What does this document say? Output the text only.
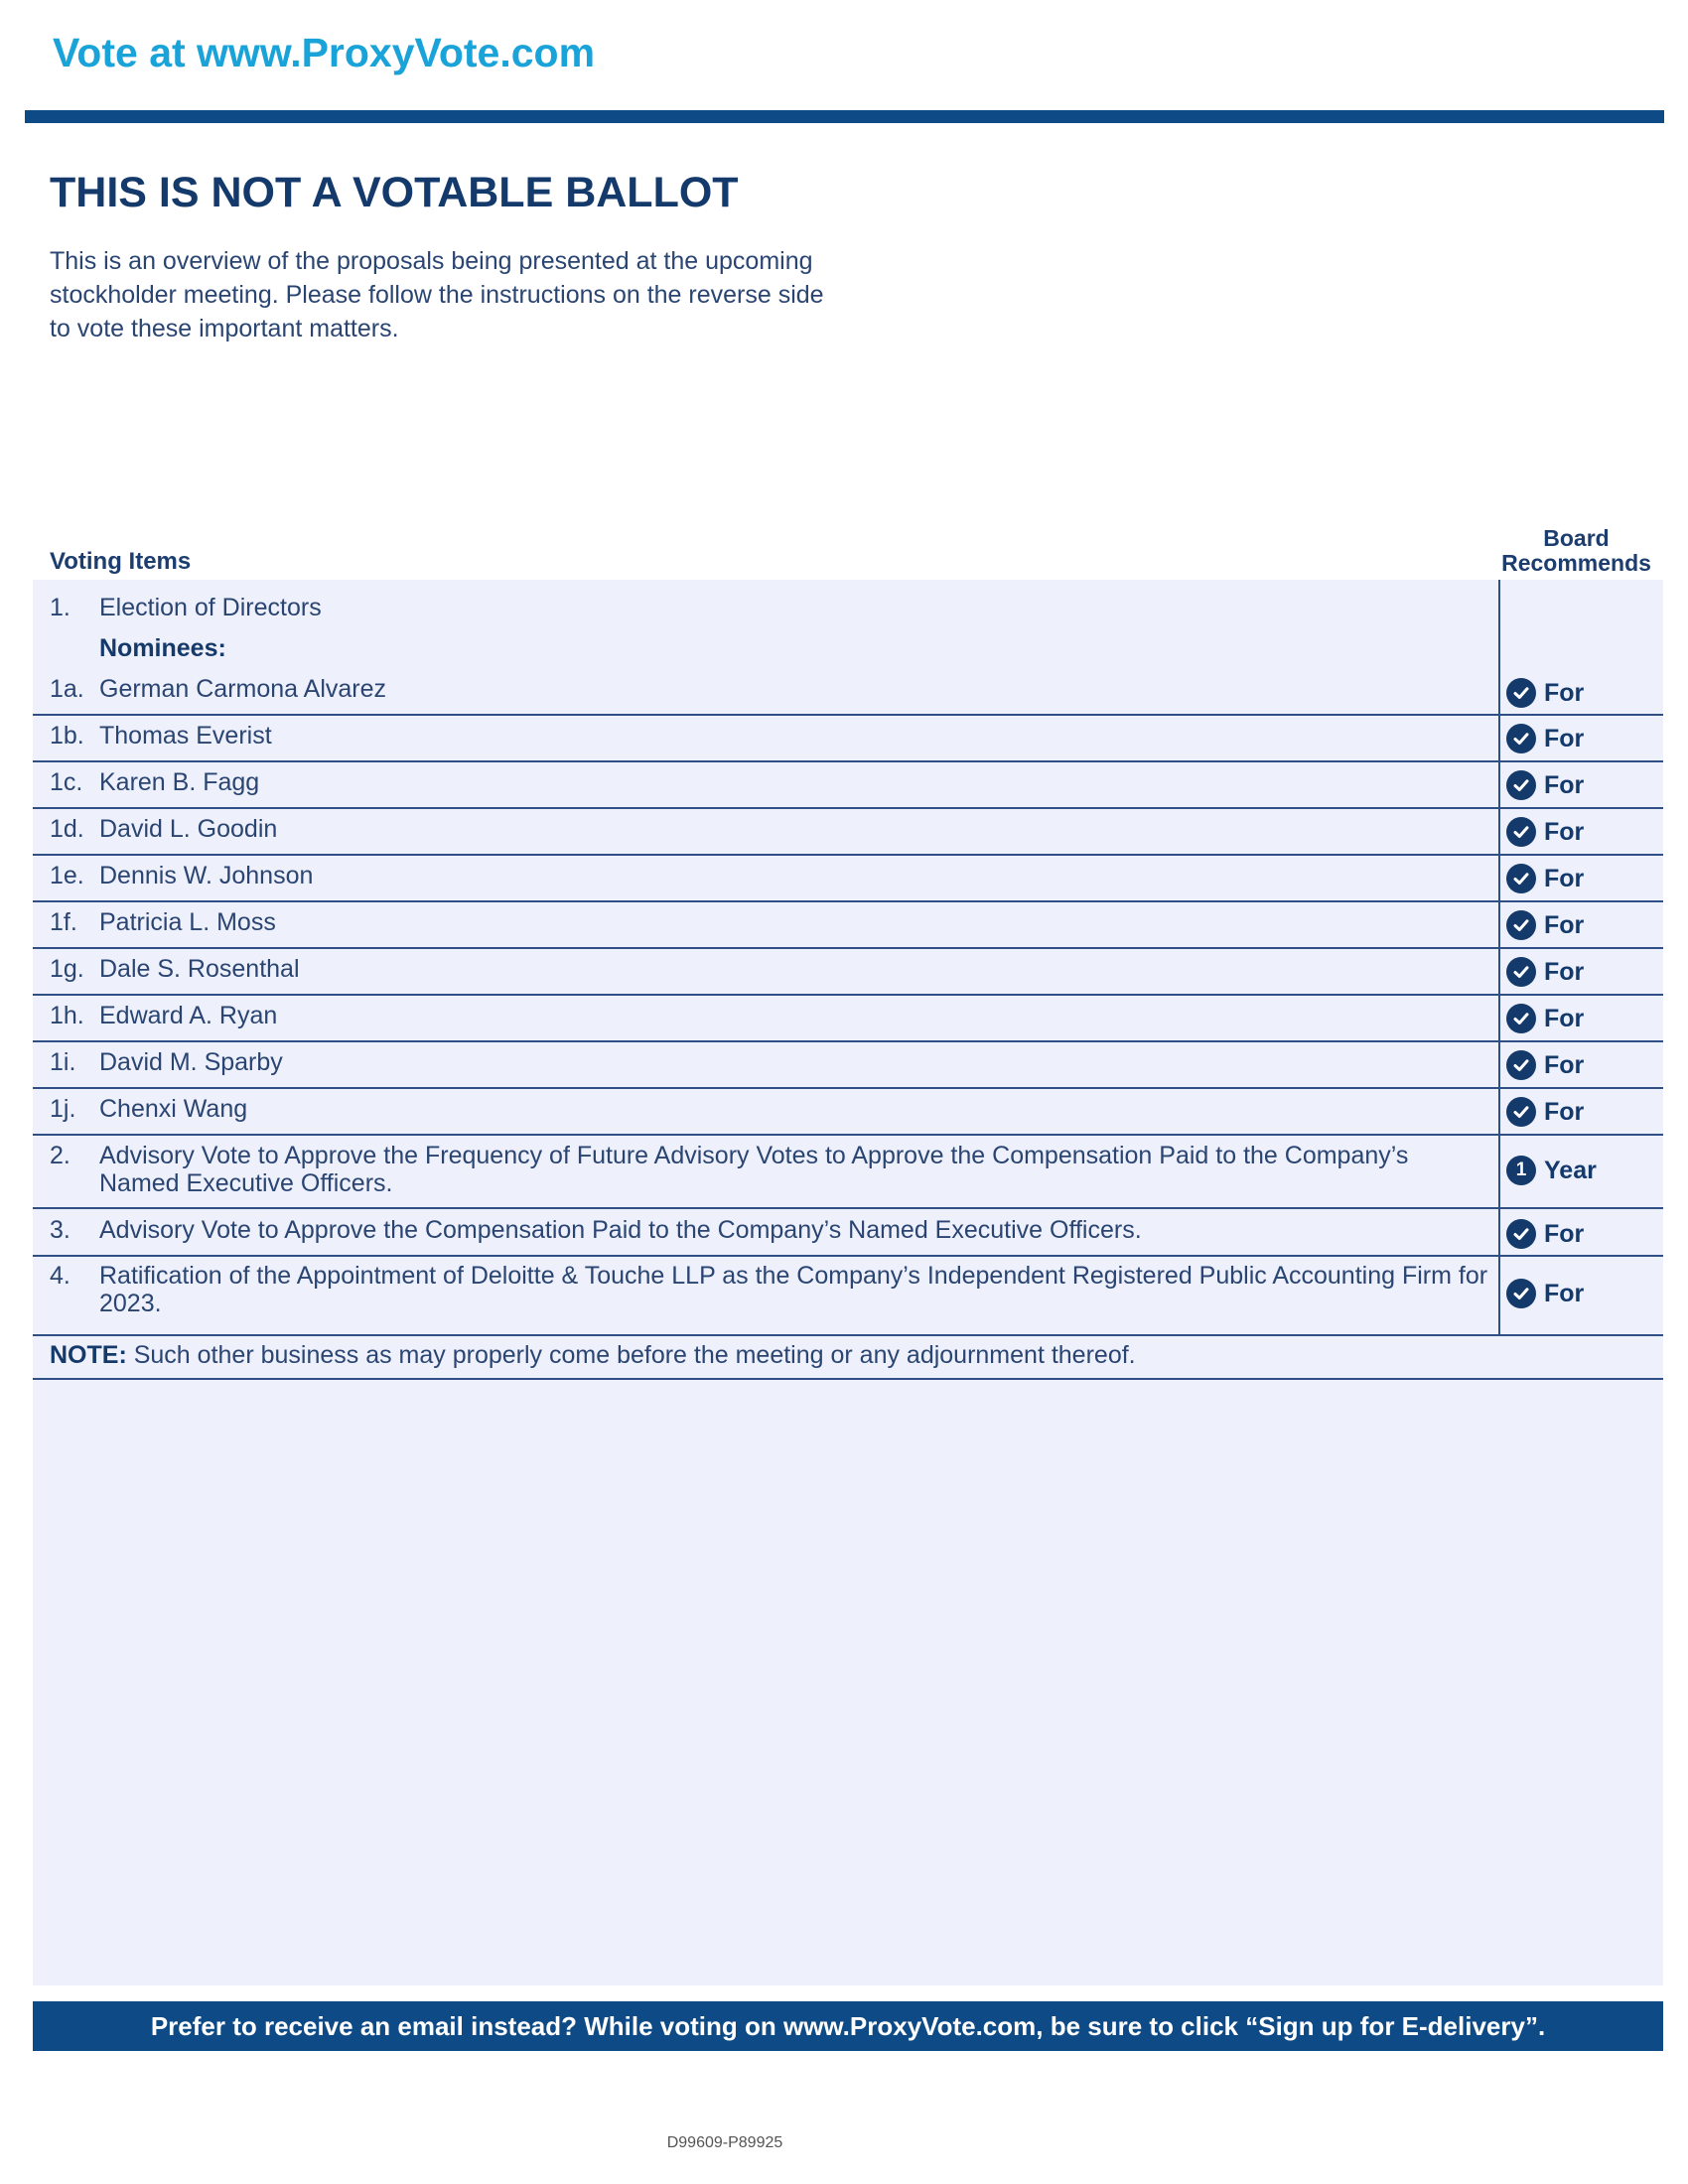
Vote at www.ProxyVote.com
THIS IS NOT A VOTABLE BALLOT
This is an overview of the proposals being presented at the upcoming stockholder meeting. Please follow the instructions on the reverse side to vote these important matters.
Voting Items
Board Recommends
1. Election of Directors
Nominees:
1a. German Carmona Alvarez	For
1b. Thomas Everist	For
1c. Karen B. Fagg	For
1d. David L. Goodin	For
1e. Dennis W. Johnson	For
1f. Patricia L. Moss	For
1g. Dale S. Rosenthal	For
1h. Edward A. Ryan	For
1i. David M. Sparby	For
1j. Chenxi Wang	For
2. Advisory Vote to Approve the Frequency of Future Advisory Votes to Approve the Compensation Paid to the Company’s Named Executive Officers.	1 Year
3. Advisory Vote to Approve the Compensation Paid to the Company’s Named Executive Officers.	For
4. Ratification of the Appointment of Deloitte & Touche LLP as the Company’s Independent Registered Public Accounting Firm for 2023.	For
NOTE: Such other business as may properly come before the meeting or any adjournment thereof.
Prefer to receive an email instead? While voting on www.ProxyVote.com, be sure to click “Sign up for E-delivery”.
D99609-P89925
